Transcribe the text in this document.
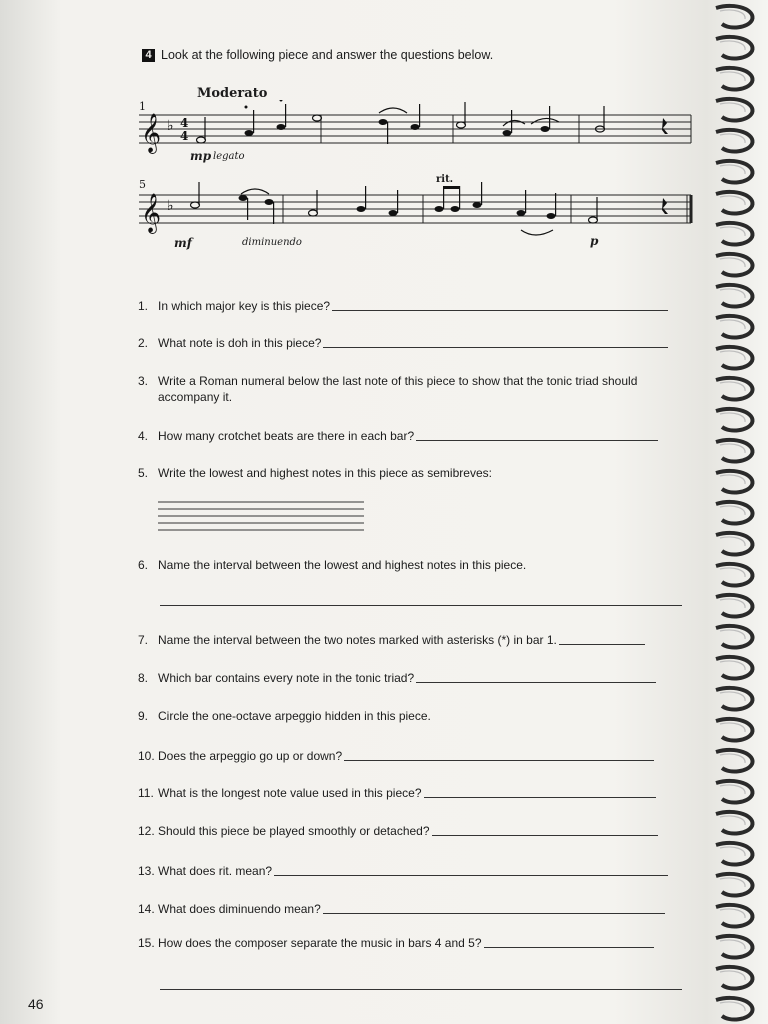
4 Look at the following piece and answer the questions below.
Moderato
1
5
𝄞 ♭ 4
4
mp legato
rit.
𝄞 ♭
mf	diminuendo	p
1. In which major key is this piece?
2. What note is doh in this piece?
3. Write a Roman numeral below the last note of this piece to show that the tonic triad should accompany it.
4. How many crotchet beats are there in each bar?
5. Write the lowest and highest notes in this piece as semibreves:
6. Name the interval between the lowest and highest notes in this piece.
7. Name the interval between the two notes marked with asterisks (*) in bar 1.
8. Which bar contains every note in the tonic triad?
9. Circle the one-octave arpeggio hidden in this piece.
10. Does the arpeggio go up or down?
11. What is the longest note value used in this piece?
12. Should this piece be played smoothly or detached?
13. What does rit. mean?
14. What does diminuendo mean?
15. How does the composer separate the music in bars 4 and 5?
46
